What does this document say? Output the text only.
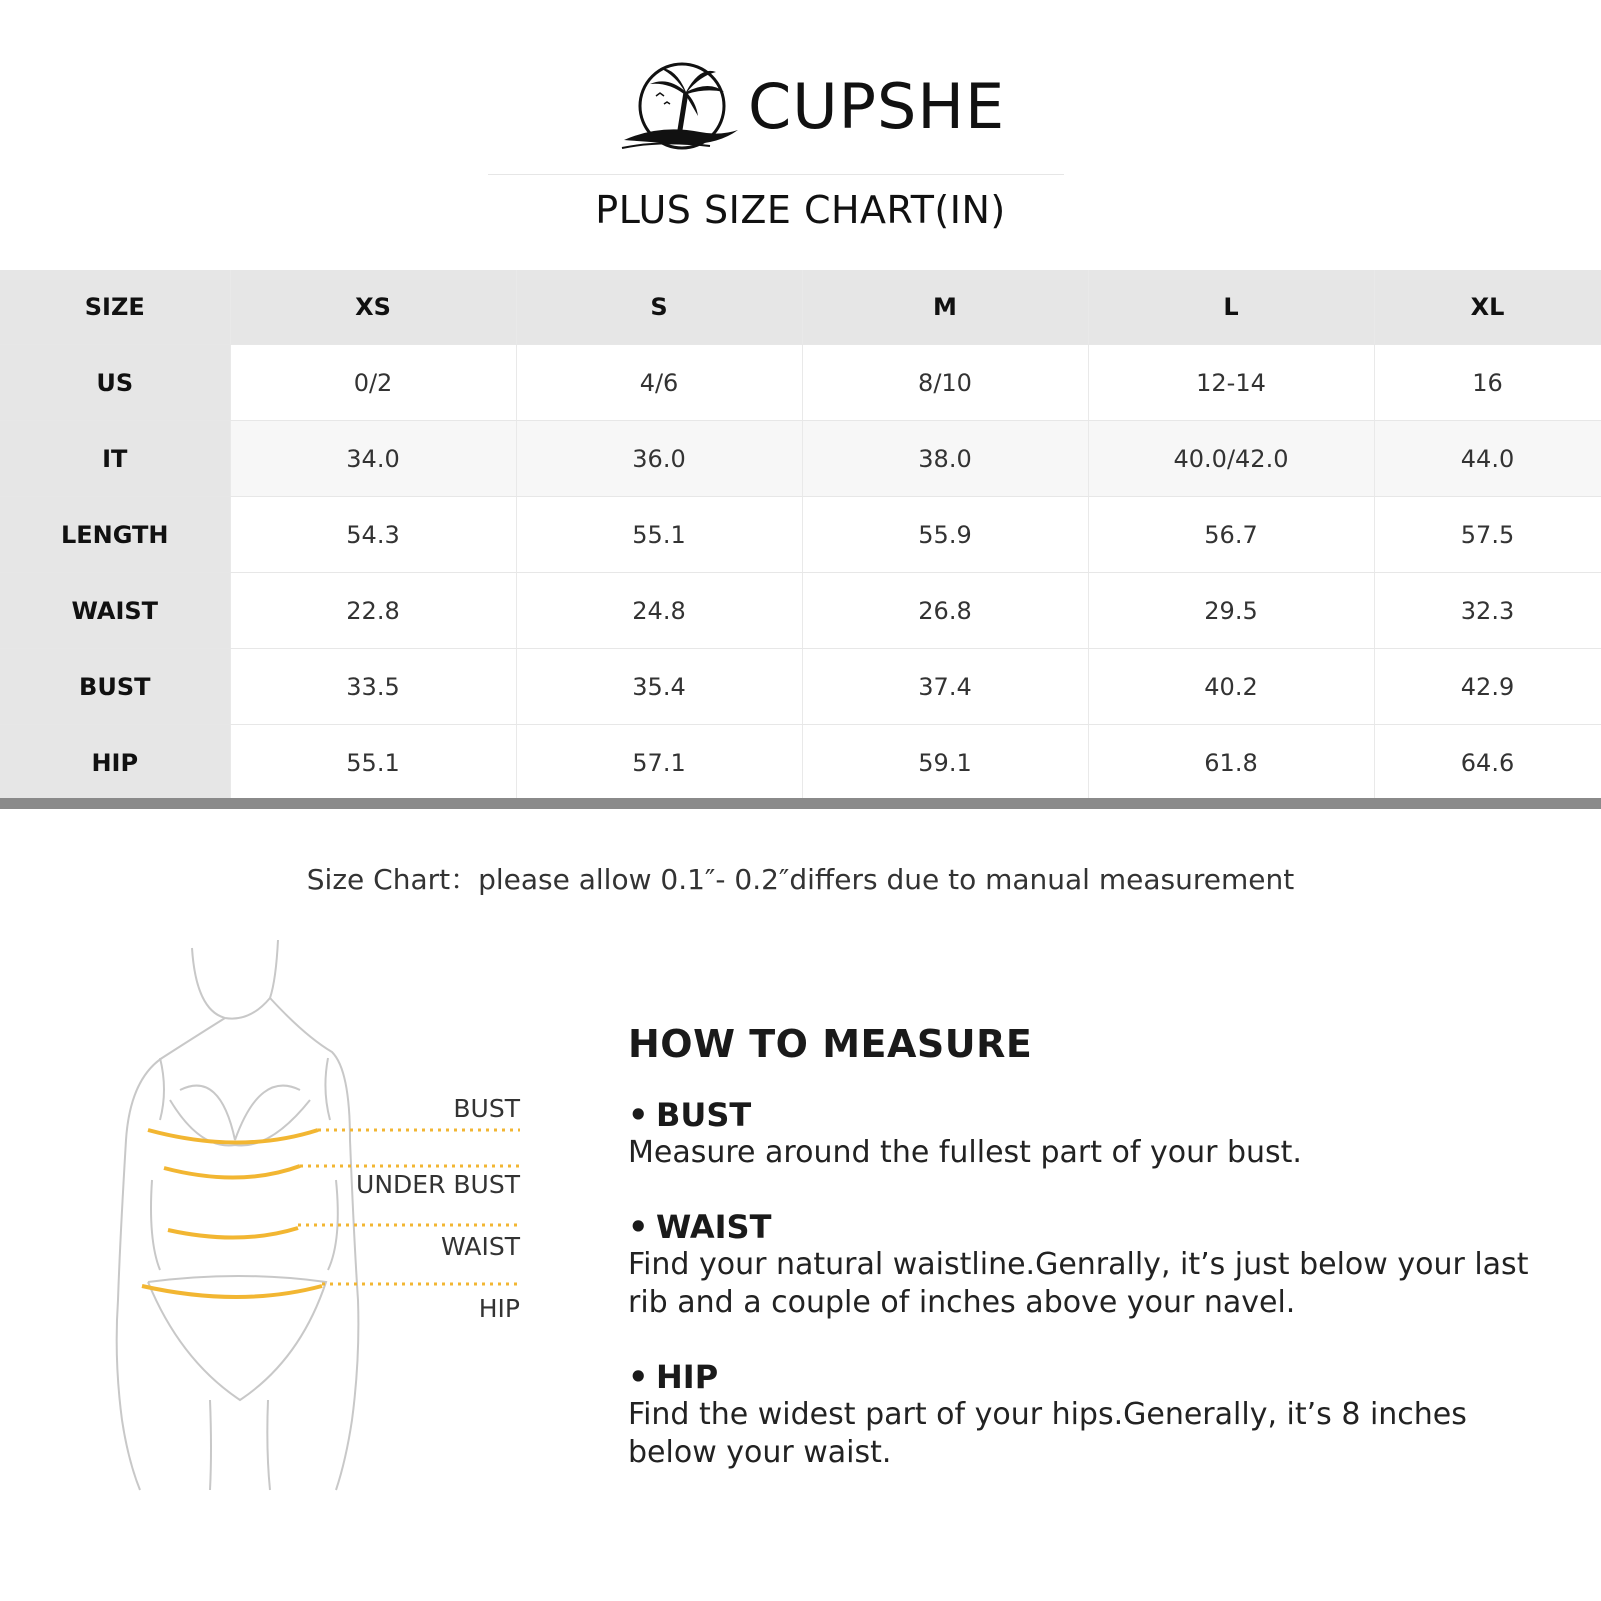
CUPSHE
PLUS SIZE CHART(IN)
SIZE	XS	S	M	L	XL
US	0/2	4/6	8/10	12-14	16
IT	34.0	36.0	38.0	40.0/42.0	44.0
LENGTH	54.3	55.1	55.9	56.7	57.5
WAIST	22.8	24.8	26.8	29.5	32.3
BUST	33.5	35.4	37.4	40.2	42.9
HIP	55.1	57.1	59.1	61.8	64.6
Size Chart：please allow 0.1″- 0.2″differs due to manual measurement
BUST
UNDER BUST
WAIST
HIP
HOW TO MEASURE
• BUST
Measure around the fullest part of your bust.
• WAIST
Find your natural waistline.Genrally, it’s just below your last rib and a couple of inches above your navel.
• HIP
Find the widest part of your hips.Generally, it’s 8 inches below your waist.
